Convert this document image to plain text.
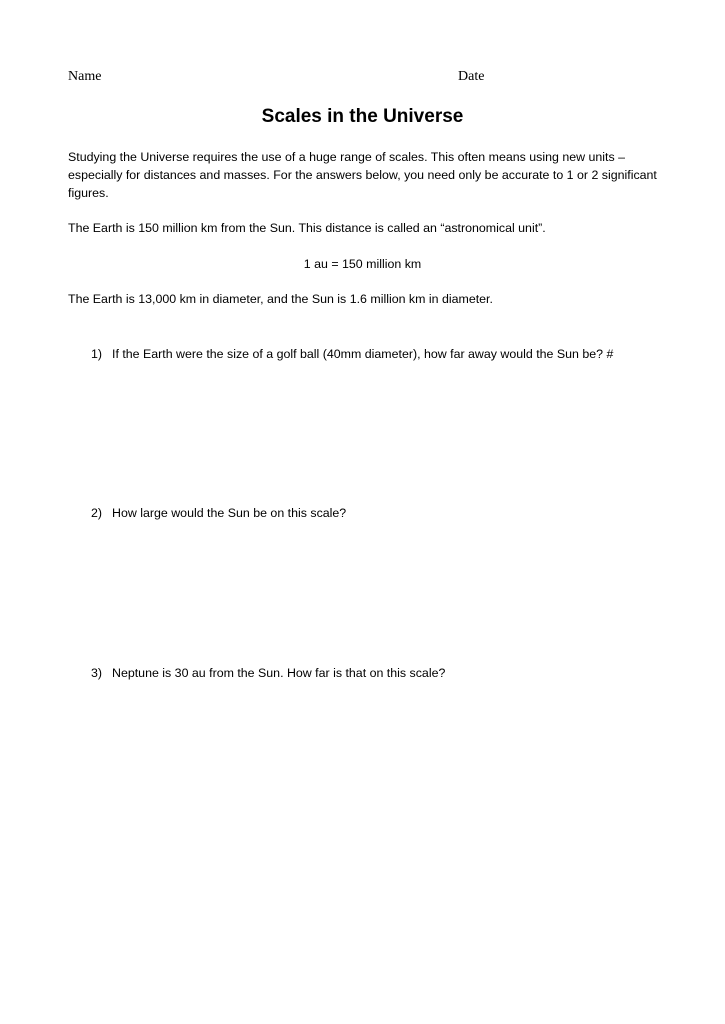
Name	Date
Scales in the Universe

Studying the Universe requires the use of a huge range of scales. This often means using new units – especially for distances and masses. For the answers below, you need only be accurate to 1 or 2 significant figures.

The Earth is 150 million km from the Sun. This distance is called an “astronomical unit”.

1 au = 150 million km

The Earth is 13,000 km in diameter, and the Sun is 1.6 million km in diameter.

1) If the Earth were the size of a golf ball (40mm diameter), how far away would the Sun be? #
2) How large would the Sun be on this scale?
3) Neptune is 30 au from the Sun. How far is that on this scale?
